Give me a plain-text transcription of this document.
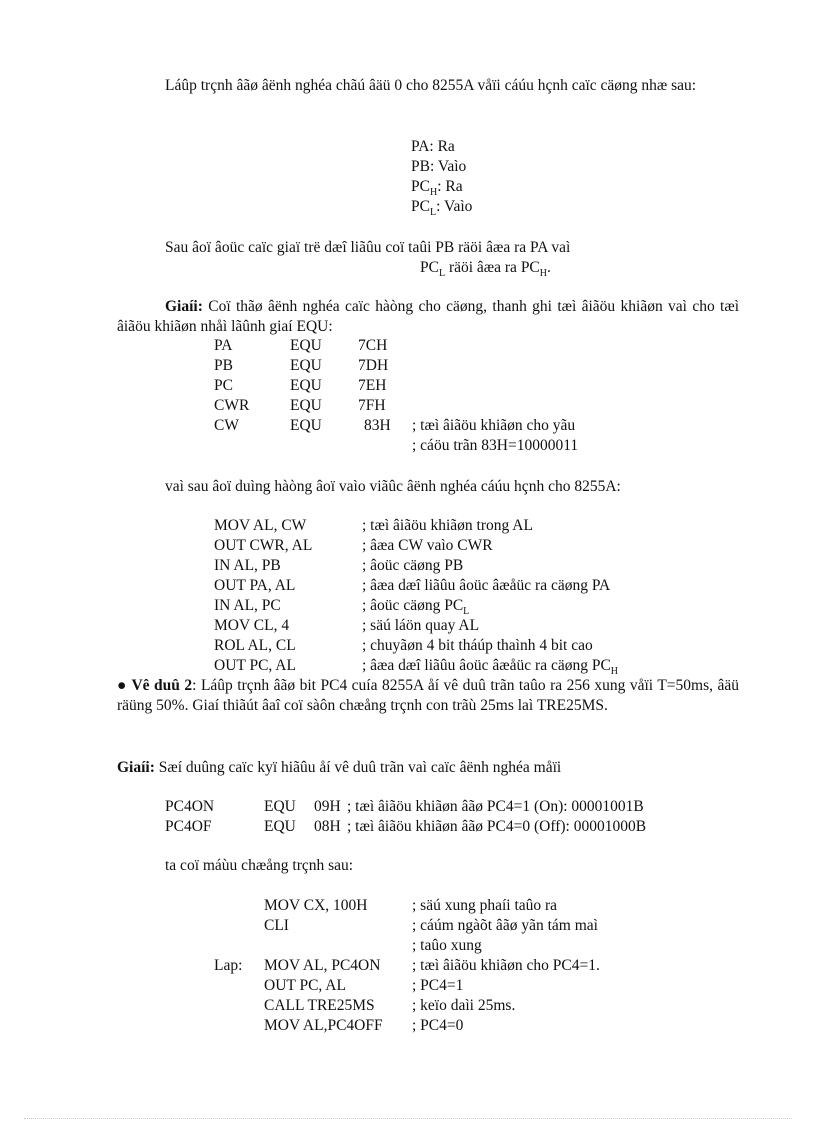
Láûp trçnh âãø âënh nghéa chãú âäü 0 cho 8255A våïi cáúu hçnh caïc cäøng nhæ sau:
PA: Ra
PB: Vaìo
$PC_H$: Ra
$PC_L$: Vaìo
Sau âoï âoüc caïc giaï trë dæî liãûu coï taûi PB räöi âæa ra PA vaì
$PC_L$ räöi âæa ra $PC_H$.
Giaíi: Coï thãø âënh nghéa caïc hàòng cho cäøng, thanh ghi tæì âiãöu khiãøn vaì cho tæì âiãöu khiãøn nhåì lãûnh giaí EQU:
PA	EQU 7CH
PB	EQU 7DH
PC	EQU 7EH
CWR	EQU 7FH
CW	EQU	83H ; tæì âiãöu khiãøn cho yãu
; cáöu trãn 83H=10000011
vaì sau âoï duìng hàòng âoï vaìo viãûc âënh nghéa cáúu hçnh cho 8255A:
MOV AL, CW	; tæì âiãöu khiãøn trong AL
OUT CWR, AL	; âæa CW vaìo CWR
IN AL, PB	; âoüc cäøng PB
OUT PA, AL	; âæa dæî liãûu âoüc âæåüc ra cäøng PA
IN AL, PC	; âoüc cäøng $PC_L$
MOV CL, 4	; säú láön quay AL
ROL AL, CL	; chuyãøn 4 bit tháúp thaình 4 bit cao
OUT PC, AL	; âæa dæî liãûu âoüc âæåüc ra cäøng $PC_H$
● Vê duû 2: Láûp trçnh âãø bit PC4 cuía 8255A åí vê duû trãn taûo ra 256 xung våïi T=50ms, âäü räüng 50%. Giaí thiãút âaî coï sàôn chæång trçnh con trãù 25ms laì TRE25MS.
Giaíi: Sæí duûng caïc kyï hiãûu åí vê duû trãn vaì caïc âënh nghéa måïi
PC4ON	EQU 09H ; tæì âiãöu khiãøn âãø PC4=1 (On): 00001001B
PC4OF	EQU 08H ; tæì âiãöu khiãøn âãø PC4=0 (Off): 00001000B
ta coï máùu chæång trçnh sau:
MOV CX, 100H	; säú xung phaíi taûo ra
CLI	; cáúm ngàõt âãø yãn tám maì
; taûo xung
Lap: MOV AL, PC4ON ; tæì âiãöu khiãøn cho PC4=1.
OUT PC, AL	; PC4=1
CALL TRE25MS ; keïo daìi 25ms.
MOV AL,PC4OFF ; PC4=0
